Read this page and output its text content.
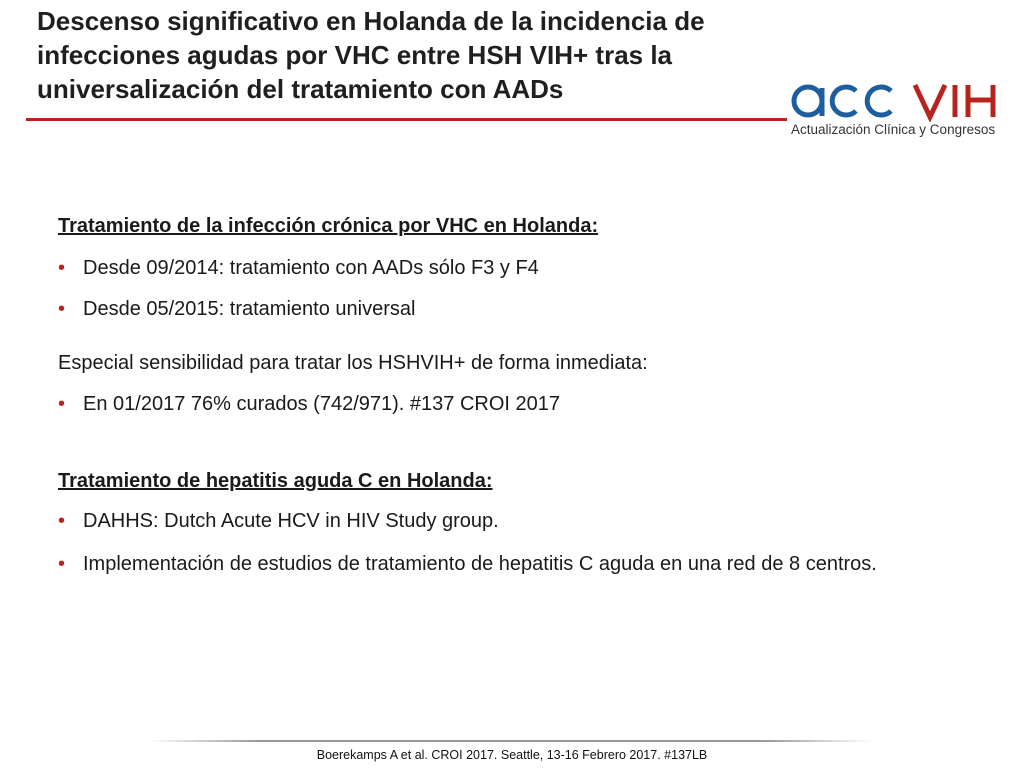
Descenso significativo en Holanda de la incidencia de infecciones agudas por VHC entre HSH VIH+ tras la universalización del tratamiento con AADs
Actualización Clínica y Congresos

Tratamiento de la infección crónica por VHC en Holanda:

• Desde 09/2014: tratamiento con AADs sólo F3 y F4
• Desde 05/2015: tratamiento universal

Especial sensibilidad para tratar los HSHVIH+ de forma inmediata:

• En 01/2017 76% curados (742/971). #137 CROI 2017

Tratamiento de hepatitis aguda C en Holanda:

• DAHHS: Dutch Acute HCV in HIV Study group.
• Implementación de estudios de tratamiento de hepatitis C aguda en una red de 8 centros.
Boerekamps A et al. CROI 2017. Seattle, 13-16 Febrero 2017. #137LB
